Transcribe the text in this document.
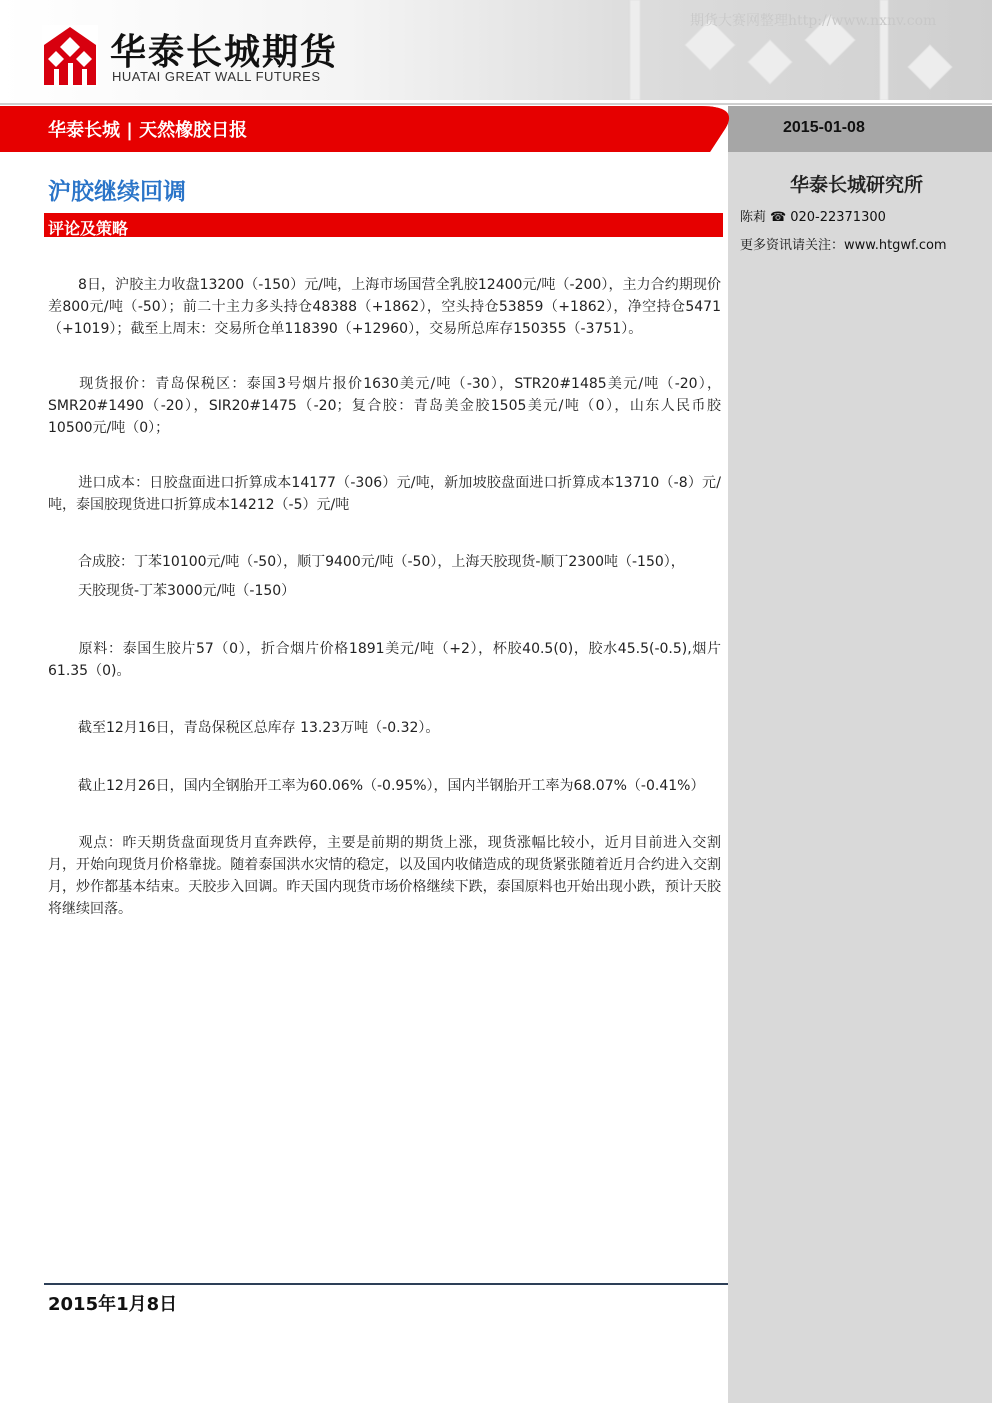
华泰长城期货
HUATAI GREAT WALL FUTURES
期货大赛网整理http://www.nxnv.com
华泰长城 | 天然橡胶日报	2015-01-08
华泰长城研究所
陈莉 ☎ 020-22371300
更多资讯请关注：www.htgwf.com
沪胶继续回调
评论及策略
8日，沪胶主力收盘13200（-150）元/吨，上海市场国营全乳胶12400元/吨（-200），主力合约期现价差800元/吨（-50）；前二十主力多头持仓48388（+1862），空头持仓53859（+1862），净空持仓5471（+1019）；截至上周末：交易所仓单118390（+12960），交易所总库存150355（-3751）。
现货报价：青岛保税区：泰国3号烟片报价1630美元/吨（-30），STR20#1485美元/吨（-20），SMR20#1490（-20），SIR20#1475（-20；复合胶：青岛美金胶1505美元/吨（0），山东人民币胶10500元/吨（0）；
进口成本：日胶盘面进口折算成本14177（-306）元/吨，新加坡胶盘面进口折算成本13710（-8）元/吨，泰国胶现货进口折算成本14212（-5）元/吨
合成胶：丁苯10100元/吨（-50），顺丁9400元/吨（-50），上海天胶现货-顺丁2300吨（-150），
天胶现货-丁苯3000元/吨（-150）
原料：泰国生胶片57（0），折合烟片价格1891美元/吨（+2），杯胶40.5(0)，胶水45.5(-0.5),烟片61.35（0)。
截至12月16日，青岛保税区总库存 13.23万吨（-0.32）。
截止12月26日，国内全钢胎开工率为60.06%（-0.95%），国内半钢胎开工率为68.07%（-0.41%）
观点：昨天期货盘面现货月直奔跌停，主要是前期的期货上涨，现货涨幅比较小，近月目前进入交割月，开始向现货月价格靠拢。随着泰国洪水灾情的稳定，以及国内收储造成的现货紧张随着近月合约进入交割月，炒作都基本结束。天胶步入回调。昨天国内现货市场价格继续下跌，泰国原料也开始出现小跌，预计天胶将继续回落。
2015年1月8日
